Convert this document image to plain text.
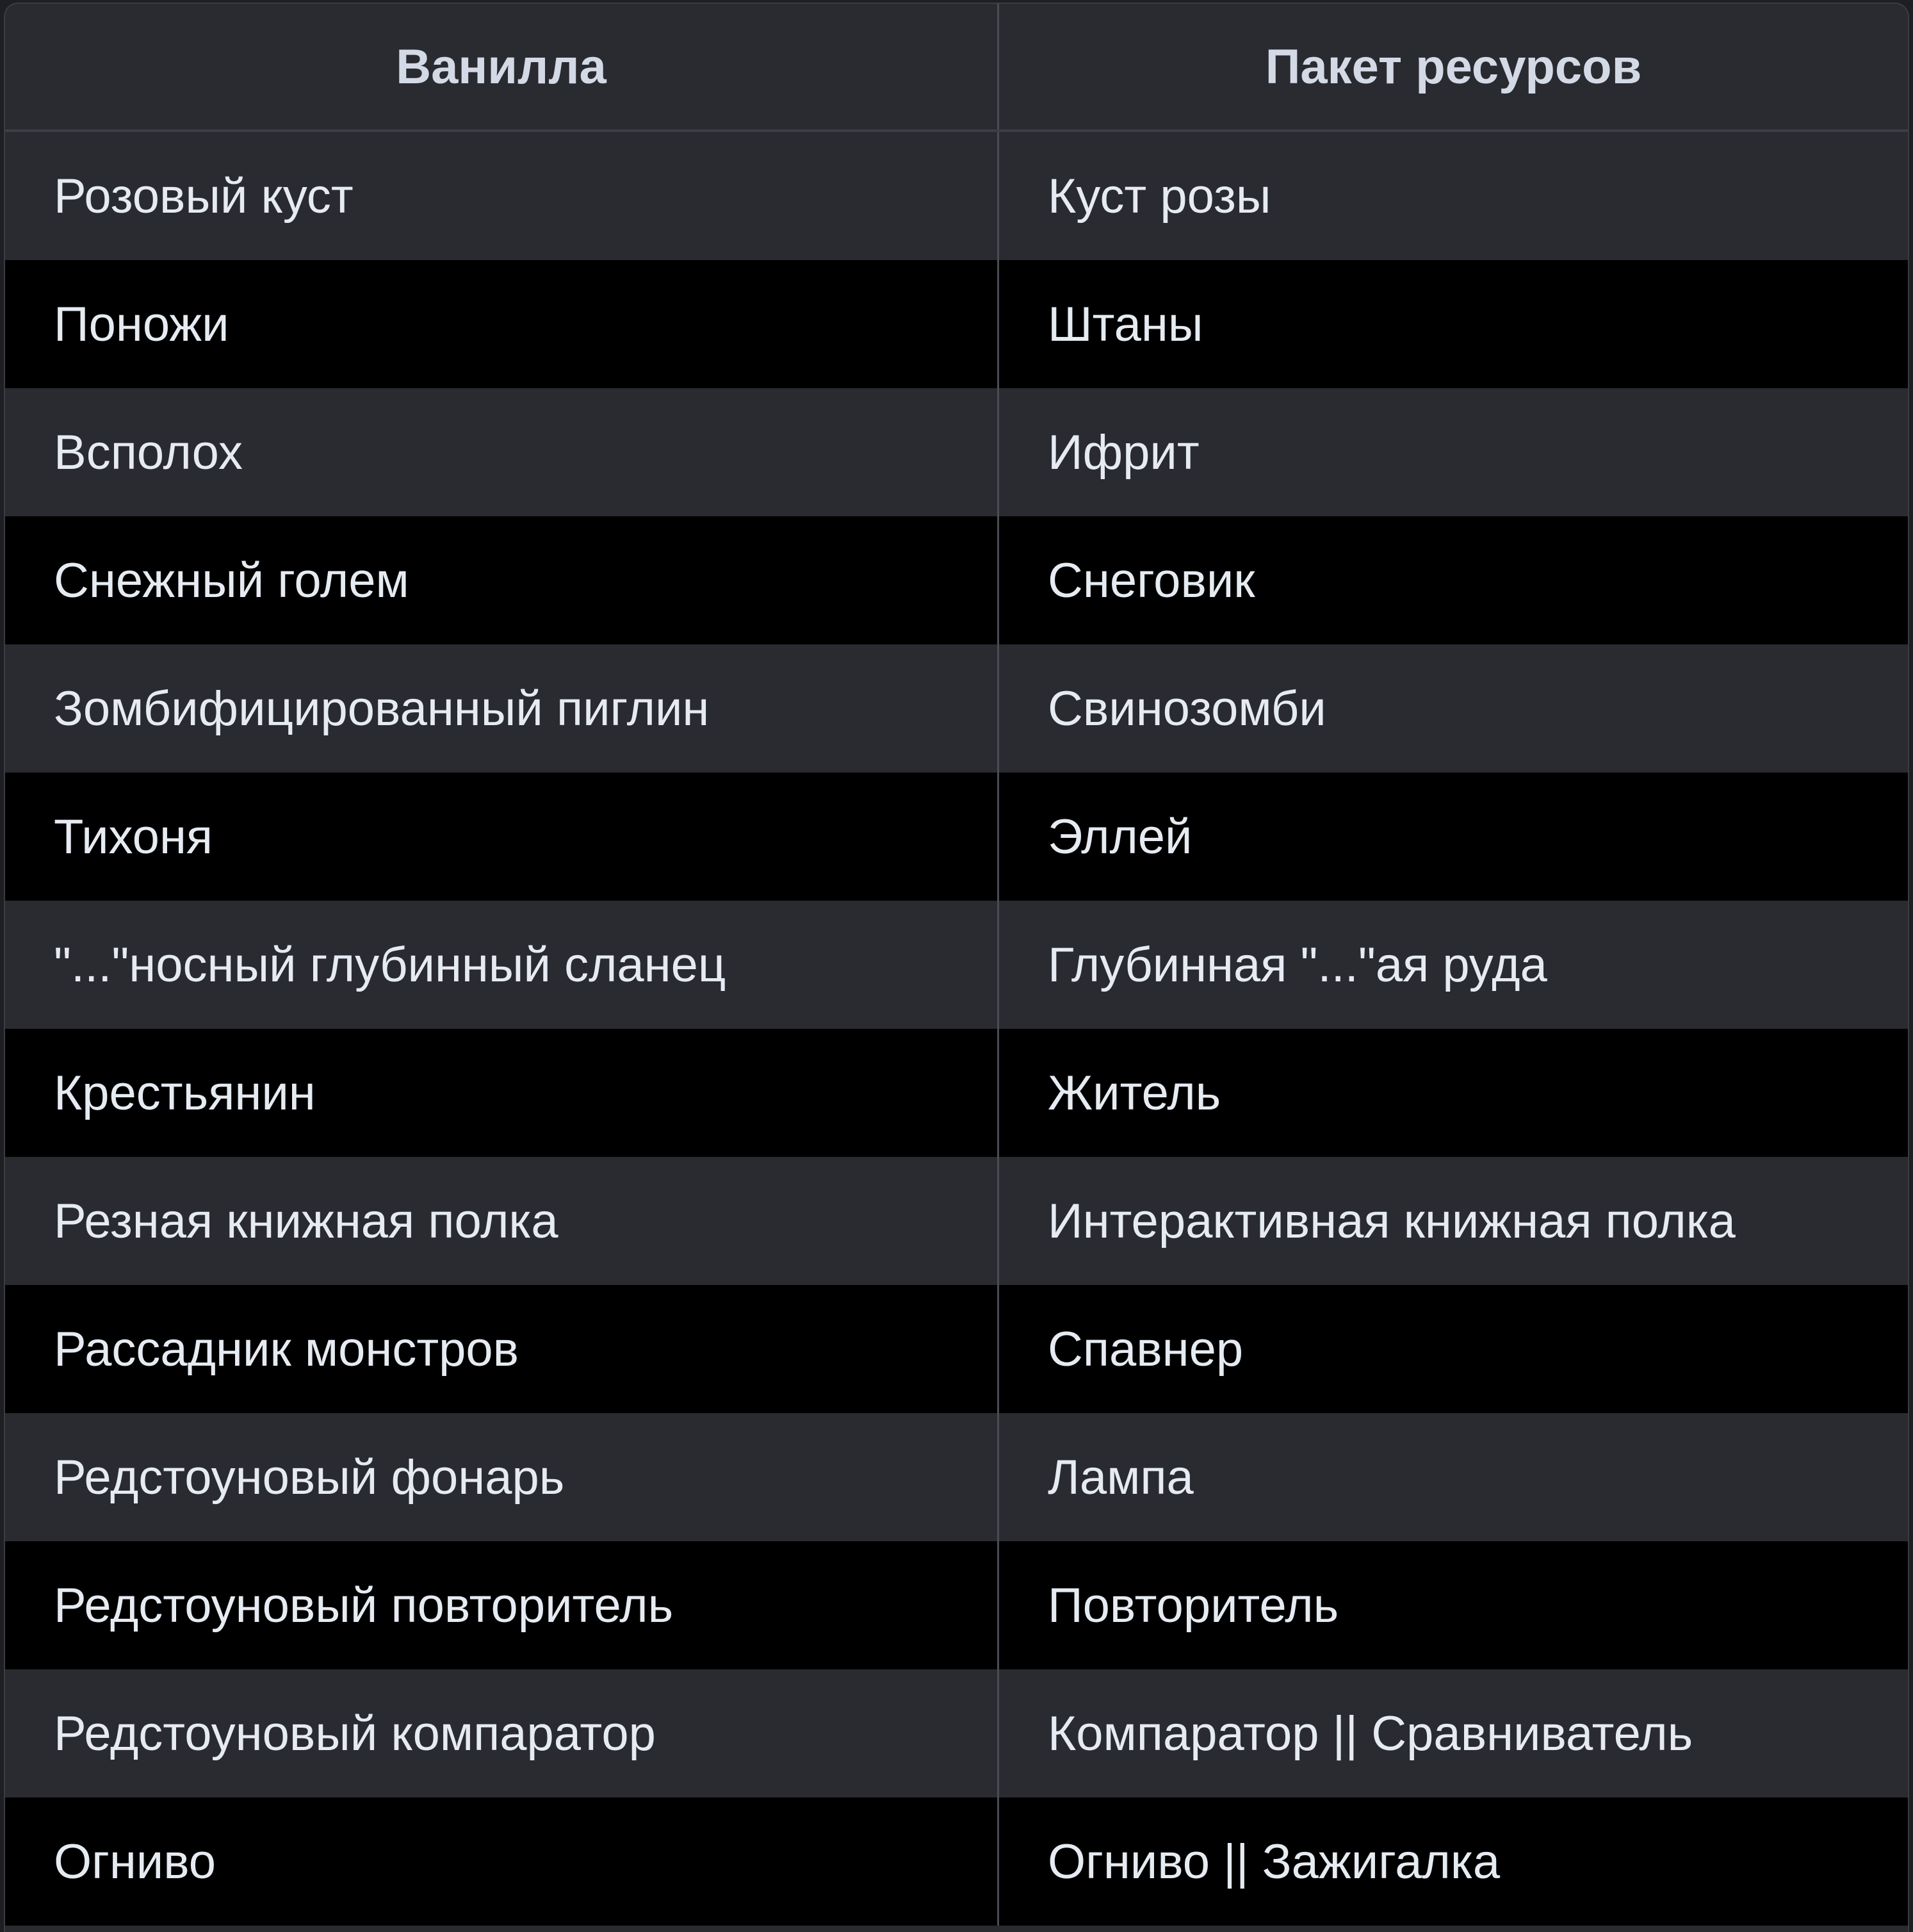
Ванилла	Пакет ресурсов
Розовый куст	Куст розы
Поножи	Штаны
Всполох	Ифрит
Снежный голем	Снеговик
Зомбифицированный пиглин	Свинозомби
Тихоня	Эллей
"..."носный глубинный сланец	Глубинная "..."ая руда
Крестьянин	Житель
Резная книжная полка	Интерактивная книжная полка
Рассадник монстров	Спавнер
Редстоуновый фонарь	Лампа
Редстоуновый повторитель	Повторитель
Редстоуновый компаратор	Компаратор || Сравниватель
Огниво	Огниво || Зажигалка
